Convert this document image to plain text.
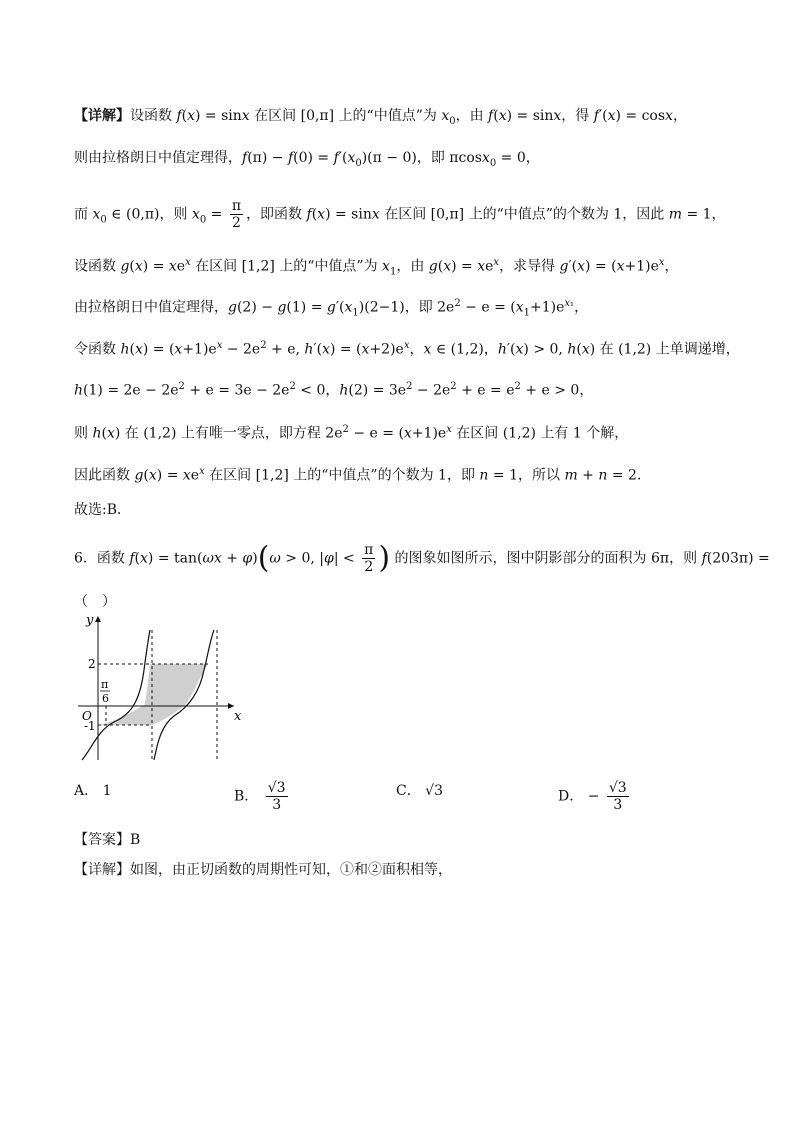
【详解】设函数 f(x) = sinx 在区间 [0,π] 上的“中值点”为 $x_0$，由 f(x) = sinx，得 f′(x) = cosx，
则由拉格朗日中值定理得，$f(\pi) - f(0) = f'(x_0)(\pi - 0)$，即 πcosx$_0$ = 0，
而 $x_0$ ∈ (0,π)，则 $x_0 = \frac{\pi}{2}$ ，即函数 f(x) = sinx 在区间 [0,π] 上的“中值点”的个数为 1，因此 m = 1，
设函数 $g(x) = xe^x$ 在区间 [1,2] 上的“中值点”为 $x_1$，由 $g(x) = xe^x$，求导得 $g'(x) = (x+1)e^x$，
由拉格朗日中值定理得，$g(2) - g(1) = g'(x_1)(2-1)$，即 $2e^2 - e = (x_1+1)e^{x_1}$，
令函数 $h(x) = (x+1)e^x - 2e^2 + e$, $h'(x) = (x+2)e^x$，x ∈ (1,2)，h′(x) > 0, h(x) 在 (1,2) 上单调递增，
$h(1) = 2e - 2e^2 + e = 3e - 2e^2 < 0$，$h(2) = 3e^2 - 2e^2 + e = e^2 + e > 0$，
则 h(x) 在 (1,2) 上有唯一零点，即方程 $2e^2 - e = (x+1)e^x$ 在区间 (1,2) 上有 1 个解，
因此函数 $g(x) = xe^x$ 在区间 [1,2] 上的“中值点”的个数为 1，即 n = 1，所以 m + n = 2．
故选:B．
6．函数 f(x) = tan(ωx + φ)(ω > 0, $|\varphi| < \frac{\pi}{2}$ ) 的图象如图所示，图中阴影部分的面积为 6π，则 f(203π) =
（　）
y
x
O
2
-1
π
6
A． 1	B． $\frac{√3}{3}$	C． √3	D． − $\frac{√3}{3}$
【答案】B
【详解】如图，由正切函数的周期性可知，①和②面积相等，
